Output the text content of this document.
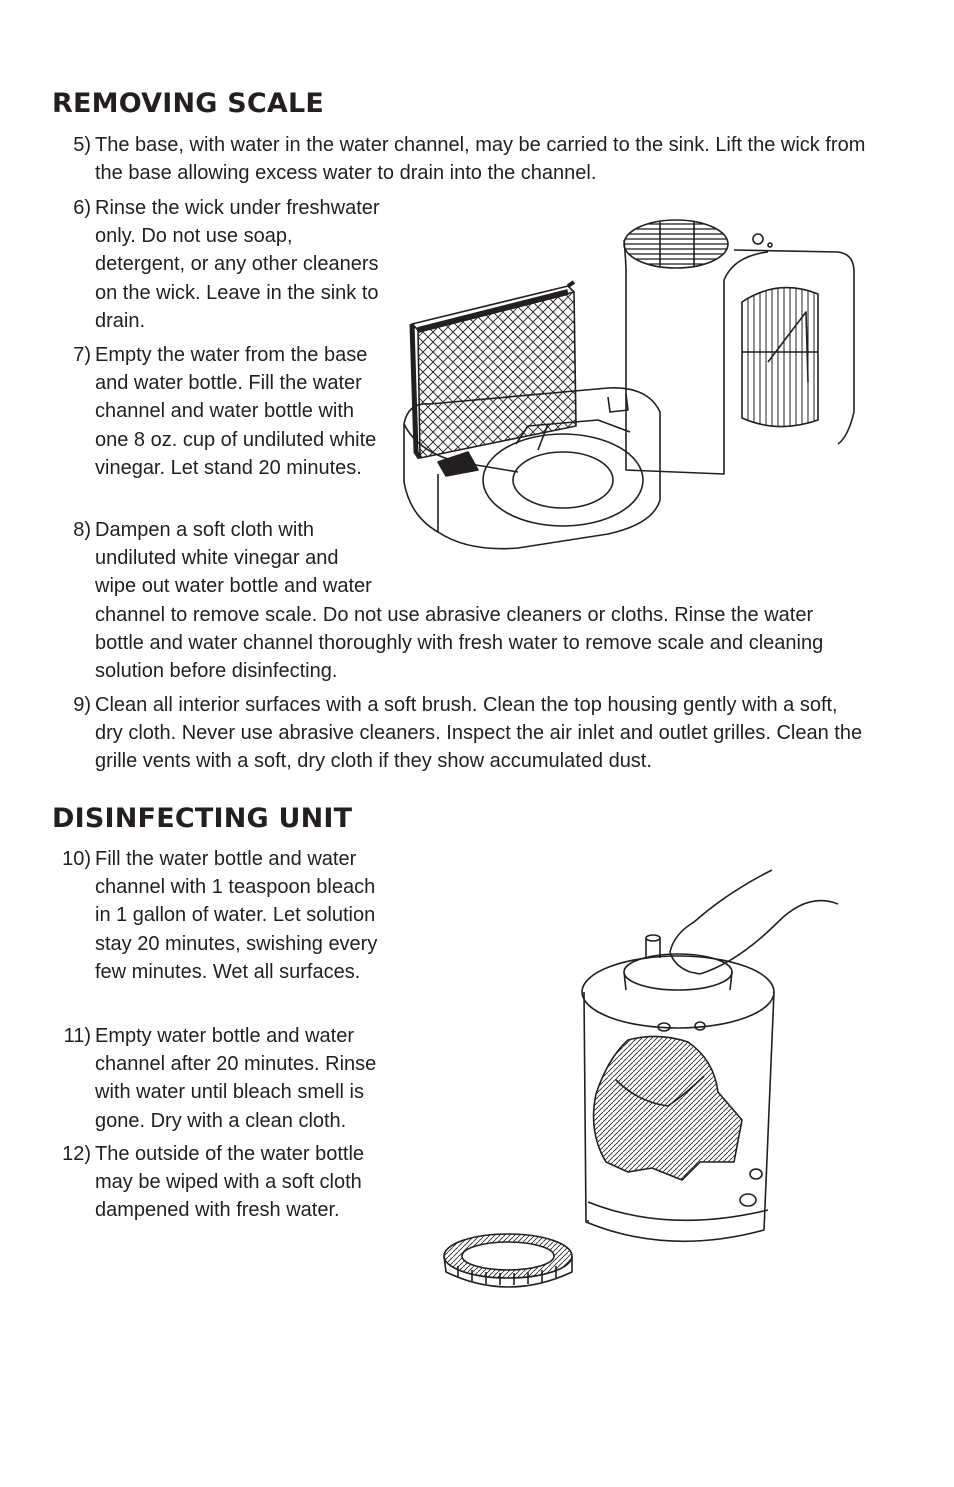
REMOVING SCALE
5) The base, with water in the water channel, may be carried to the sink. Lift the wick from the base allowing excess water to drain into the channel.
6) Rinse the wick under freshwater only. Do not use soap, detergent, or any other cleaners on the wick. Leave in the sink to drain.
7) Empty the water from the base and water bottle. Fill the water channel and water bottle with one 8 oz. cup of undiluted white vinegar. Let stand 20 minutes.
8) Dampen a soft cloth with undiluted white vinegar and wipe out water bottle and water
channel to remove scale. Do not use abrasive cleaners or cloths. Rinse the water bottle and water channel thoroughly with fresh water to remove scale and cleaning solution before disinfecting.
9) Clean all interior surfaces with a soft brush. Clean the top housing gently with a soft, dry cloth. Never use abrasive cleaners. Inspect the air inlet and outlet grilles. Clean the grille vents with a soft, dry cloth if they show accumulated dust.
DISINFECTING UNIT
10) Fill the water bottle and water channel with 1 teaspoon bleach in 1 gallon of water. Let solution stay 20 minutes, swishing every few minutes. Wet all surfaces.
11) Empty water bottle and water channel after 20 minutes. Rinse with water until bleach smell is gone. Dry with a clean cloth.
12) The outside of the water bottle may be wiped with a soft cloth dampened with fresh water.
